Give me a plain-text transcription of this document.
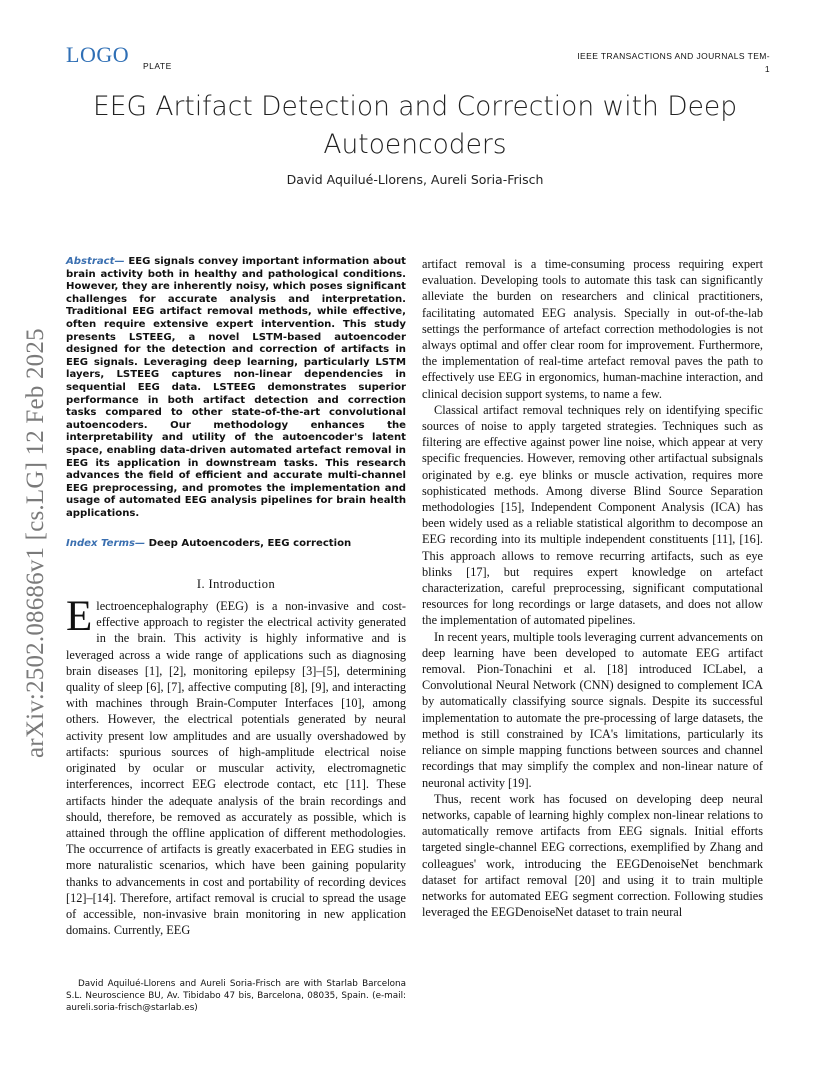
LOGO PLATE
IEEE TRANSACTIONS AND JOURNALS TEM-
1
EEG Artifact Detection and Correction with Deep Autoencoders
David Aquilué-Llorens, Aureli Soria-Frisch
arXiv:2502.08686v1 [cs.LG] 12 Feb 2025

Abstract— EEG signals convey important information about brain activity both in healthy and pathological conditions. However, they are inherently noisy, which poses significant challenges for accurate analysis and interpretation. Traditional EEG artifact removal methods, while effective, often require extensive expert intervention. This study presents LSTEEG, a novel LSTM-based autoencoder designed for the detection and correction of artifacts in EEG signals. Leveraging deep learning, particularly LSTM layers, LSTEEG captures non-linear dependencies in sequential EEG data. LSTEEG demonstrates superior performance in both artifact detection and correction tasks compared to other state-of-the-art convolutional autoencoders. Our methodology enhances the interpretability and utility of the autoencoder's latent space, enabling data-driven automated artefact removal in EEG its application in downstream tasks. This research advances the field of efficient and accurate multi-channel EEG preprocessing, and promotes the implementation and usage of automated EEG analysis pipelines for brain health applications.

Index Terms— Deep Autoencoders, EEG correction

I. Introduction

Electroencephalography (EEG) is a non-invasive and cost-effective approach to register the electrical activity generated in the brain. This activity is highly informative and is leveraged across a wide range of applications such as diagnosing brain diseases [1], [2], monitoring epilepsy [3]–[5], determining quality of sleep [6], [7], affective computing [8], [9], and interacting with machines through Brain-Computer Interfaces [10], among others. However, the electrical potentials generated by neural activity present low amplitudes and are usually overshadowed by artifacts: spurious sources of high-amplitude electrical noise originated by ocular or muscular activity, electromagnetic interferences, incorrect EEG electrode contact, etc [11]. These artifacts hinder the adequate analysis of the brain recordings and should, therefore, be removed as accurately as possible, which is attained through the offline application of different methodologies. The occurrence of artifacts is greatly exacerbated in EEG studies in more naturalistic scenarios, which have been gaining popularity thanks to advancements in cost and portability of recording devices [12]–[14]. Therefore, artifact removal is crucial to spread the usage of accessible, non-invasive brain monitoring in new application domains. Currently, EEG

artifact removal is a time-consuming process requiring expert evaluation. Developing tools to automate this task can significantly alleviate the burden on researchers and clinical practitioners, facilitating automated EEG analysis. Specially in out-of-the-lab settings the performance of artefact correction methodologies is not always optimal and offer clear room for improvement. Furthermore, the implementation of real-time artefact removal paves the path to effectively use EEG in ergonomics, human-machine interaction, and clinical decision support systems, to name a few.

Classical artifact removal techniques rely on identifying specific sources of noise to apply targeted strategies. Techniques such as filtering are effective against power line noise, which appear at very specific frequencies. However, removing other artifactual subsignals originated by e.g. eye blinks or muscle activation, requires more sophisticated methods. Among diverse Blind Source Separation methodologies [15], Independent Component Analysis (ICA) has been widely used as a reliable statistical algorithm to decompose an EEG recording into its multiple independent constituents [11], [16]. This approach allows to remove recurring artifacts, such as eye blinks [17], but requires expert knowledge on artefact characterization, careful preprocessing, significant computational resources for long recordings or large datasets, and does not allow the implementation of automated pipelines.

In recent years, multiple tools leveraging current advancements on deep learning have been developed to automate EEG artifact removal. Pion-Tonachini et al. [18] introduced ICLabel, a Convolutional Neural Network (CNN) designed to complement ICA by automatically classifying source signals. Despite its successful implementation to automate the pre-processing of large datasets, the method is still constrained by ICA's limitations, particularly its reliance on simple mapping functions between sources and channel recordings that may simplify the complex and non-linear nature of neuronal activity [19].

Thus, recent work has focused on developing deep neural networks, capable of learning highly complex non-linear relations to automatically remove artifacts from EEG signals. Initial efforts targeted single-channel EEG corrections, exemplified by Zhang and colleagues' work, introducing the EEGDenoiseNet benchmark dataset for artifact removal [20] and using it to train multiple networks for automated EEG segment correction. Following studies leveraged the EEGDenoiseNet dataset to train neural

David Aquilué-Llorens and Aureli Soria-Frisch are with Starlab Barcelona S.L. Neuroscience BU, Av. Tibidabo 47 bis, Barcelona, 08035, Spain. (e-mail: aureli.soria-frisch@starlab.es)
